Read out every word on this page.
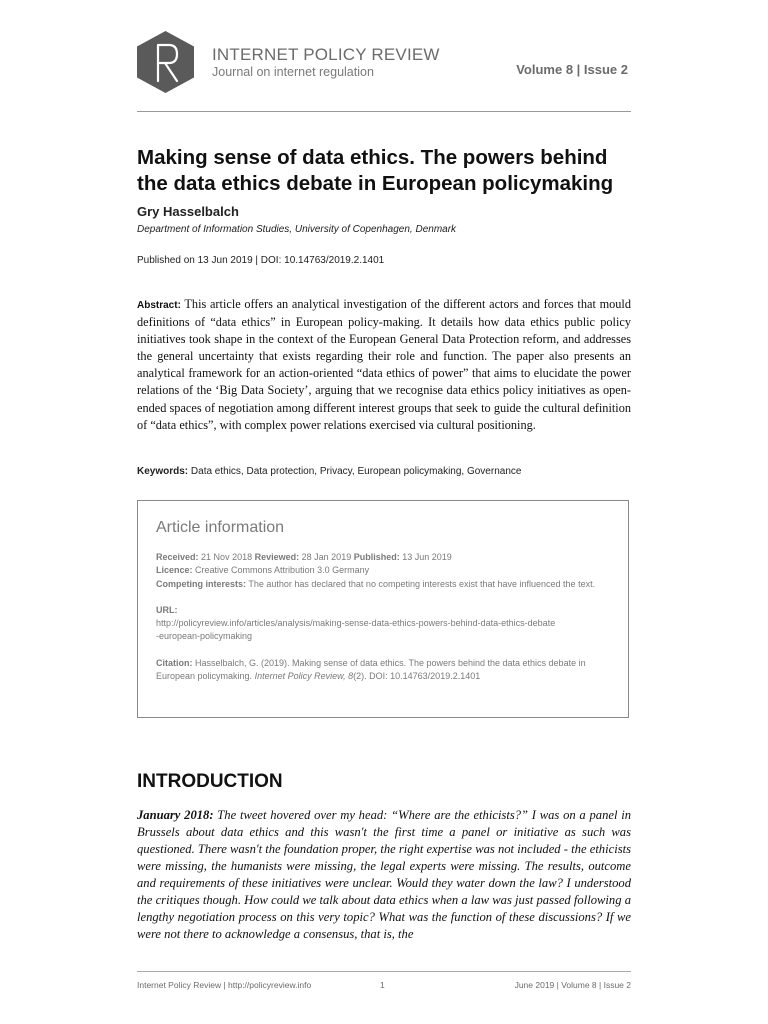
INTERNET POLICY REVIEW
Journal on internet regulation	Volume 8 | Issue 2
Making sense of data ethics. The powers behind the data ethics debate in European policymaking
Gry Hasselbalch
Department of Information Studies, University of Copenhagen, Denmark
Published on 13 Jun 2019 | DOI: 10.14763/2019.2.1401

Abstract: This article offers an analytical investigation of the different actors and forces that mould definitions of “data ethics” in European policy-making. It details how data ethics public policy initiatives took shape in the context of the European General Data Protection reform, and addresses the general uncertainty that exists regarding their role and function. The paper also presents an analytical framework for an action-oriented “data ethics of power” that aims to elucidate the power relations of the ‘Big Data Society’, arguing that we recognise data ethics policy initiatives as open-ended spaces of negotiation among different interest groups that seek to guide the cultural definition of “data ethics”, with complex power relations exercised via cultural positioning.

Keywords: Data ethics, Data protection, Privacy, European policymaking, Governance
Article information
Received: 21 Nov 2018 Reviewed: 28 Jan 2019 Published: 13 Jun 2019
Licence: Creative Commons Attribution 3.0 Germany
Competing interests: The author has declared that no competing interests exist that have influenced the text.
URL:
http://policyreview.info/articles/analysis/making-sense-data-ethics-powers-behind-data-ethics-debate
-european-policymaking
Citation: Hasselbalch, G. (2019). Making sense of data ethics. The powers behind the data ethics debate in European policymaking. Internet Policy Review, 8(2). DOI: 10.14763/2019.2.1401
INTRODUCTION

January 2018: The tweet hovered over my head: “Where are the ethicists?” I was on a panel in Brussels about data ethics and this wasn't the first time a panel or initiative as such was questioned. There wasn't the foundation proper, the right expertise was not included - the ethicists were missing, the humanists were missing, the legal experts were missing. The results, outcome and requirements of these initiatives were unclear. Would they water down the law? I understood the critiques though. How could we talk about data ethics when a law was just passed following a lengthy negotiation process on this very topic? What was the function of these discussions? If we were not there to acknowledge a consensus, that is, the

Internet Policy Review | http://policyreview.info	1	June 2019 | Volume 8 | Issue 2
